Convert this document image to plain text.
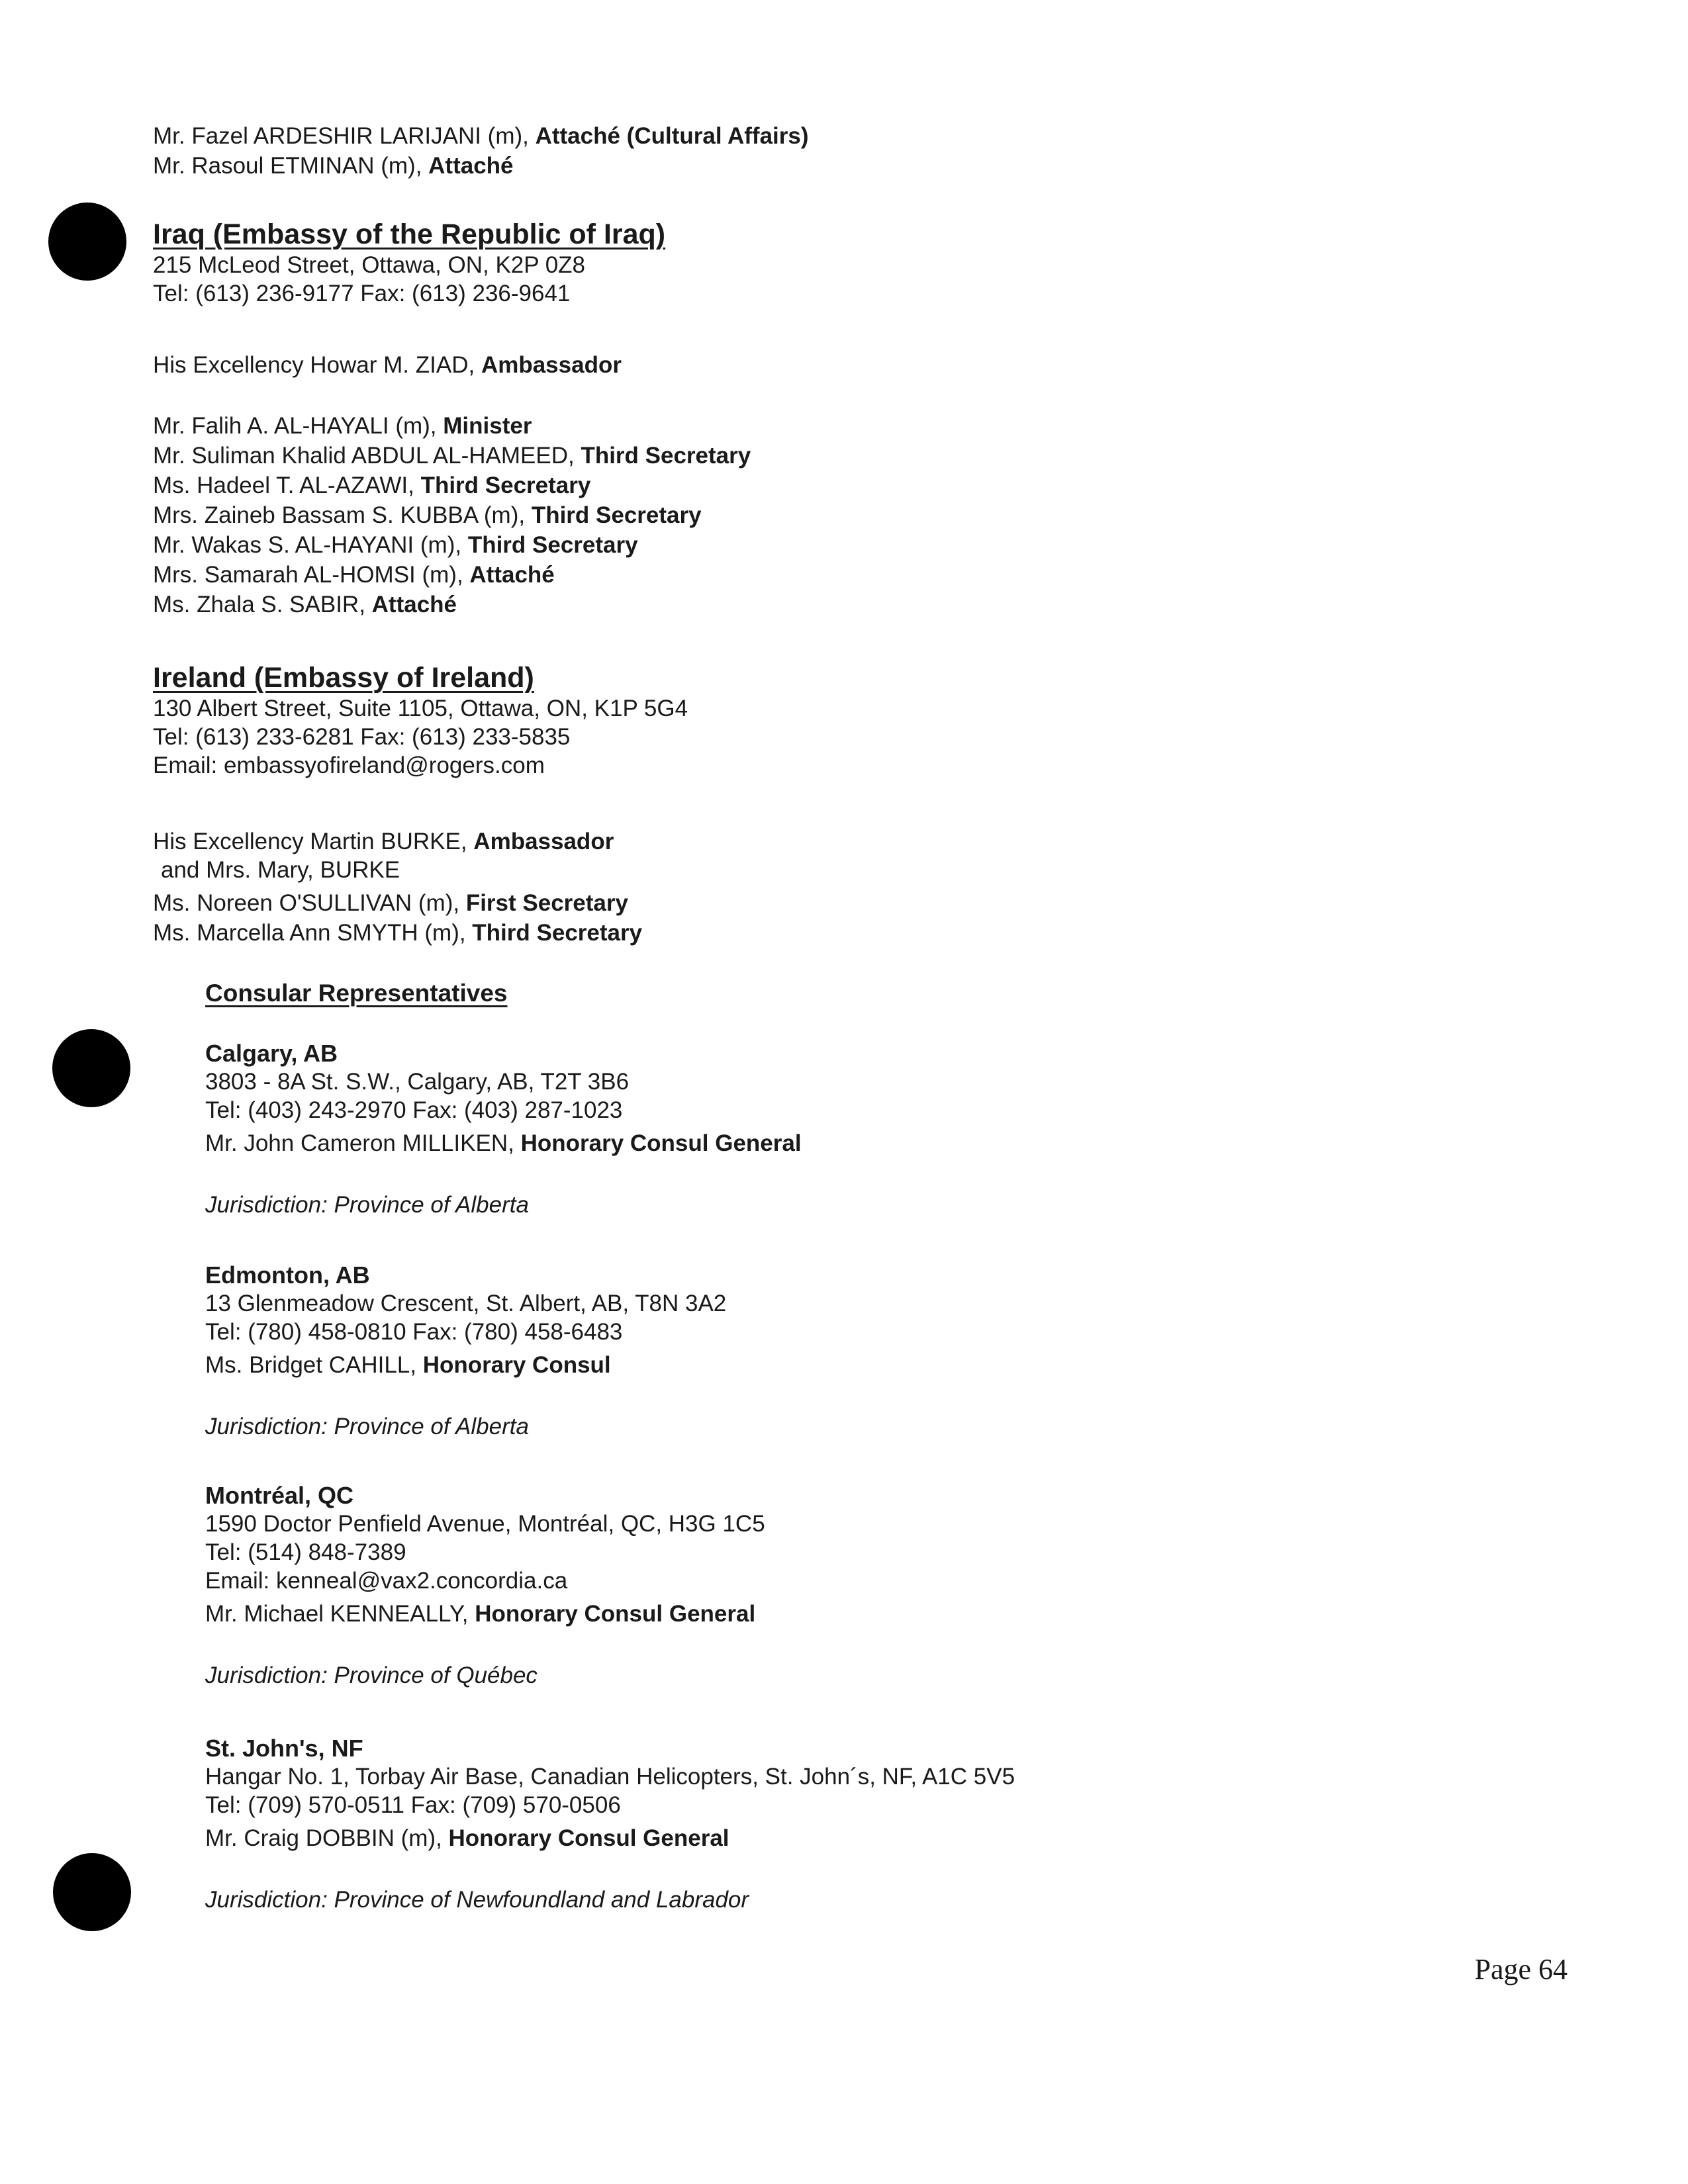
Mr. Fazel ARDESHIR LARIJANI (m), Attaché (Cultural Affairs)
Mr. Rasoul ETMINAN (m), Attaché
Iraq (Embassy of the Republic of Iraq)
215 McLeod Street, Ottawa, ON, K2P 0Z8
Tel: (613) 236-9177 Fax: (613) 236-9641
His Excellency Howar M. ZIAD, Ambassador
Mr. Falih A. AL-HAYALI (m), Minister
Mr. Suliman Khalid ABDUL AL-HAMEED, Third Secretary
Ms. Hadeel T. AL-AZAWI, Third Secretary
Mrs. Zaineb Bassam S. KUBBA (m), Third Secretary
Mr. Wakas S. AL-HAYANI (m), Third Secretary
Mrs. Samarah AL-HOMSI (m), Attaché
Ms. Zhala S. SABIR, Attaché
Ireland (Embassy of Ireland)
130 Albert Street, Suite 1105, Ottawa, ON, K1P 5G4
Tel: (613) 233-6281 Fax: (613) 233-5835
Email: embassyofireland@rogers.com
His Excellency Martin BURKE, Ambassador
and Mrs. Mary, BURKE
Ms. Noreen O'SULLIVAN (m), First Secretary
Ms. Marcella Ann SMYTH (m), Third Secretary
Consular Representatives
Calgary, AB
3803 - 8A St. S.W., Calgary, AB, T2T 3B6
Tel: (403) 243-2970 Fax: (403) 287-1023
Mr. John Cameron MILLIKEN, Honorary Consul General
Jurisdiction: Province of Alberta
Edmonton, AB
13 Glenmeadow Crescent, St. Albert, AB, T8N 3A2
Tel: (780) 458-0810 Fax: (780) 458-6483
Ms. Bridget CAHILL, Honorary Consul
Jurisdiction: Province of Alberta
Montréal, QC
1590 Doctor Penfield Avenue, Montréal, QC, H3G 1C5
Tel: (514) 848-7389
Email: kenneal@vax2.concordia.ca
Mr. Michael KENNEALLY, Honorary Consul General
Jurisdiction: Province of Québec
St. John's, NF
Hangar No. 1, Torbay Air Base, Canadian Helicopters, St. John´s, NF, A1C 5V5
Tel: (709) 570-0511 Fax: (709) 570-0506
Mr. Craig DOBBIN (m), Honorary Consul General
Jurisdiction: Province of Newfoundland and Labrador
Page 64
